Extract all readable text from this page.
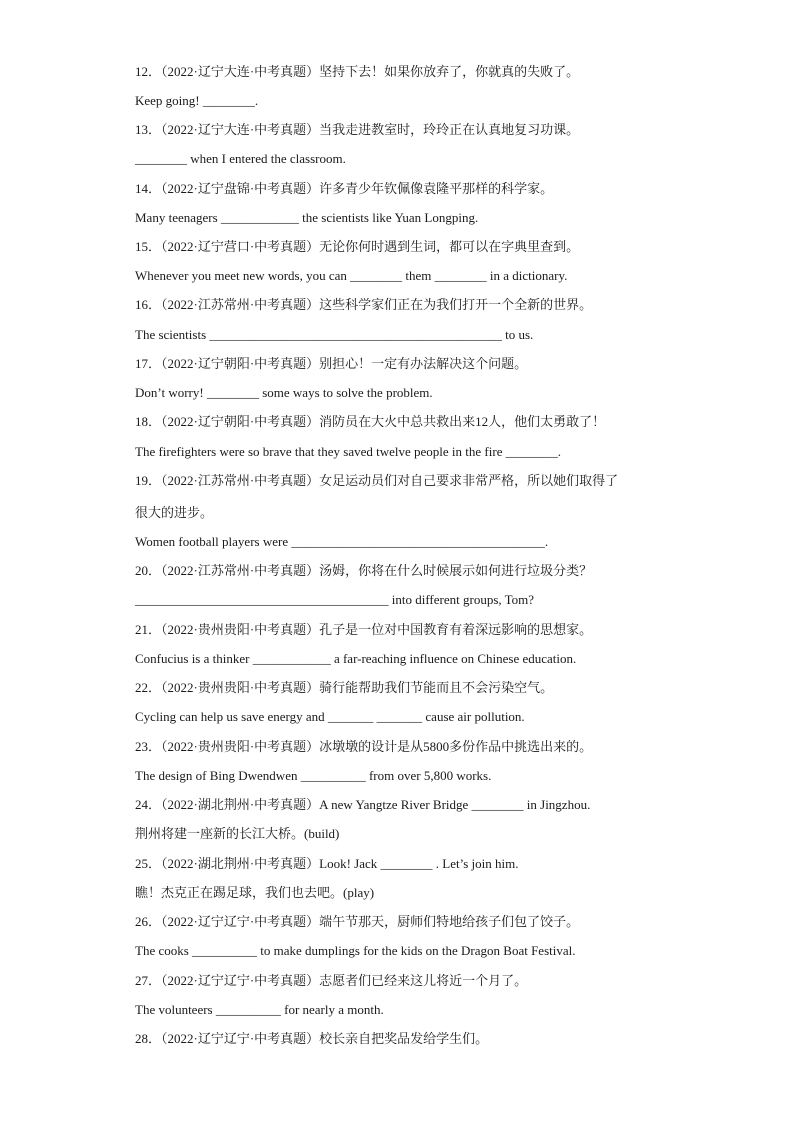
12．（2022·辽宁大连·中考真题）坚持下去！如果你放弃了，你就真的失败了。
Keep going! ________.
13．（2022·辽宁大连·中考真题）当我走进教室时，玲玲正在认真地复习功课。
________ when I entered the classroom.
14．（2022·辽宁盘锦·中考真题）许多青少年钦佩像袁隆平那样的科学家。
Many teenagers ____________ the scientists like Yuan Longping.
15．（2022·辽宁营口·中考真题）无论你何时遇到生词，都可以在字典里查到。
Whenever you meet new words, you can ________ them ________ in a dictionary.
16．（2022·江苏常州·中考真题）这些科学家们正在为我们打开一个全新的世界。
The scientists _____________________________________________ to us.
17．（2022·辽宁朝阳·中考真题）别担心！一定有办法解决这个问题。
Don’t worry! ________ some ways to solve the problem.
18．（2022·辽宁朝阳·中考真题）消防员在大火中总共救出来12人，他们太勇敢了！
The firefighters were so brave that they saved twelve people in the fire ________.
19．（2022·江苏常州·中考真题）女足运动员们对自己要求非常严格，所以她们取得了
很大的进步。
Women football players were _______________________________________.
20．（2022·江苏常州·中考真题）汤姆，你将在什么时候展示如何进行垃圾分类？
_______________________________________ into different groups, Tom?
21．（2022·贵州贵阳·中考真题）孔子是一位对中国教育有着深远影响的思想家。
Confucius is a thinker ____________ a far-reaching influence on Chinese education.
22．（2022·贵州贵阳·中考真题）骑行能帮助我们节能而且不会污染空气。
Cycling can help us save energy and _______ _______ cause air pollution.
23．（2022·贵州贵阳·中考真题）冰墩墩的设计是从5800多份作品中挑选出来的。
The design of Bing Dwendwen __________ from over 5,800 works.
24．（2022·湖北荆州·中考真题）A new Yangtze River Bridge ________ in Jingzhou.
荆州将建一座新的长江大桥。(build)
25．（2022·湖北荆州·中考真题）Look! Jack ________ . Let’s join him.
瞧！杰克正在踢足球，我们也去吧。(play)
26．（2022·辽宁辽宁·中考真题）端午节那天，厨师们特地给孩子们包了饺子。
The cooks __________ to make dumplings for the kids on the Dragon Boat Festival.
27．（2022·辽宁辽宁·中考真题）志愿者们已经来这儿将近一个月了。
The volunteers __________ for nearly a month.
28．（2022·辽宁辽宁·中考真题）校长亲自把奖品发给学生们。
